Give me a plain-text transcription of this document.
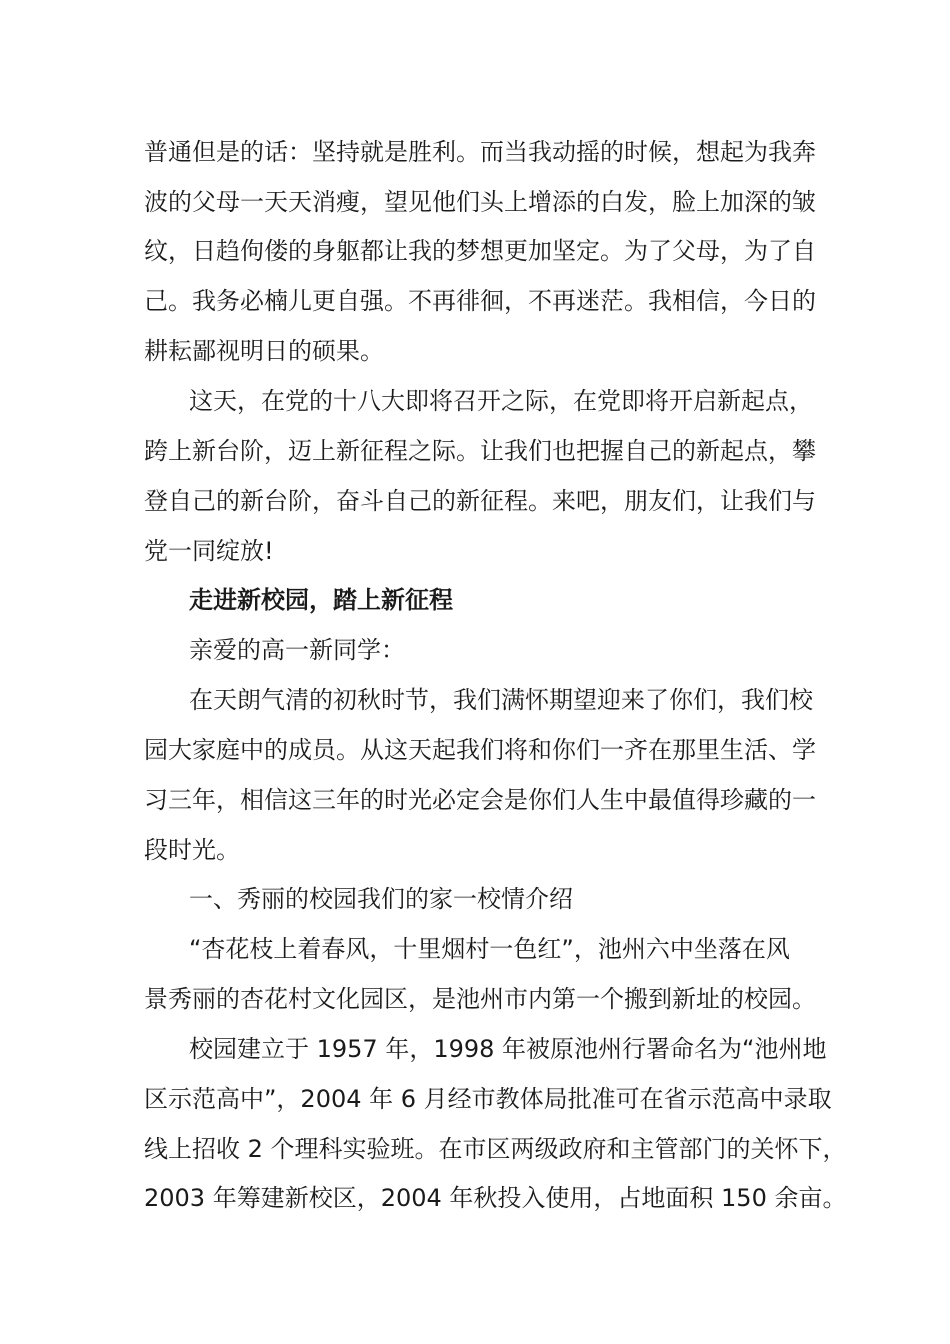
普通但是的话：坚持就是胜利。而当我动摇的时候，想起为我奔
波的父母一天天消瘦，望见他们头上增添的白发，脸上加深的皱
纹，日趋佝偻的身躯都让我的梦想更加坚定。为了父母，为了自
己。我务必楠儿更自强。不再徘徊，不再迷茫。我相信，今日的
耕耘鄙视明日的硕果。
这天，在党的十八大即将召开之际，在党即将开启新起点，
跨上新台阶，迈上新征程之际。让我们也把握自己的新起点，攀
登自己的新台阶，奋斗自己的新征程。来吧，朋友们，让我们与
党一同绽放!
走进新校园，踏上新征程
亲爱的高一新同学：
在天朗气清的初秋时节，我们满怀期望迎来了你们，我们校
园大家庭中的成员。从这天起我们将和你们一齐在那里生活、学
习三年，相信这三年的时光必定会是你们人生中最值得珍藏的一
段时光。
一、秀丽的校园我们的家一校情介绍
“杏花枝上着春风，十里烟村一色红”，池州六中坐落在风
景秀丽的杏花村文化园区，是池州市内第一个搬到新址的校园。
校园建立于 1957 年，1998 年被原池州行署命名为“池州地
区示范高中”，2004 年 6 月经市教体局批准可在省示范高中录取
线上招收 2 个理科实验班。在市区两级政府和主管部门的关怀下，
2003 年筹建新校区，2004 年秋投入使用，占地面积 150 余亩。
